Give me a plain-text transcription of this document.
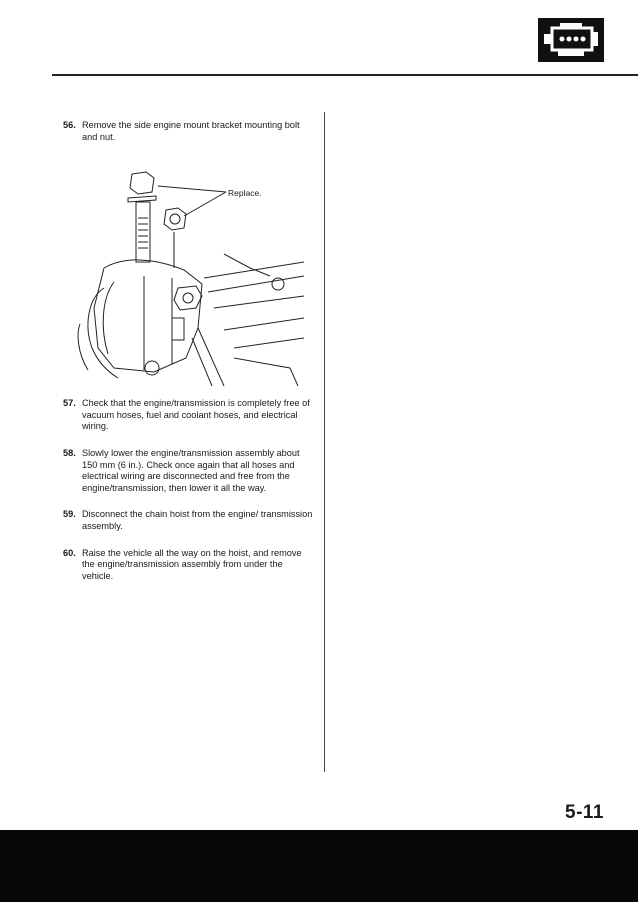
56. Remove the side engine mount bracket mounting bolt and nut.
Replace.
57. Check that the engine/transmission is completely free of vacuum hoses, fuel and coolant hoses, and electrical wiring.
58. Slowly lower the engine/transmission assembly about 150 mm (6 in.). Check once again that all hoses and electrical wiring are disconnected and free from the engine/transmission, then lower it all the way.
59. Disconnect the chain hoist from the engine/ transmission assembly.
60. Raise the vehicle all the way on the hoist, and remove the engine/transmission assembly from under the vehicle.
5-11
